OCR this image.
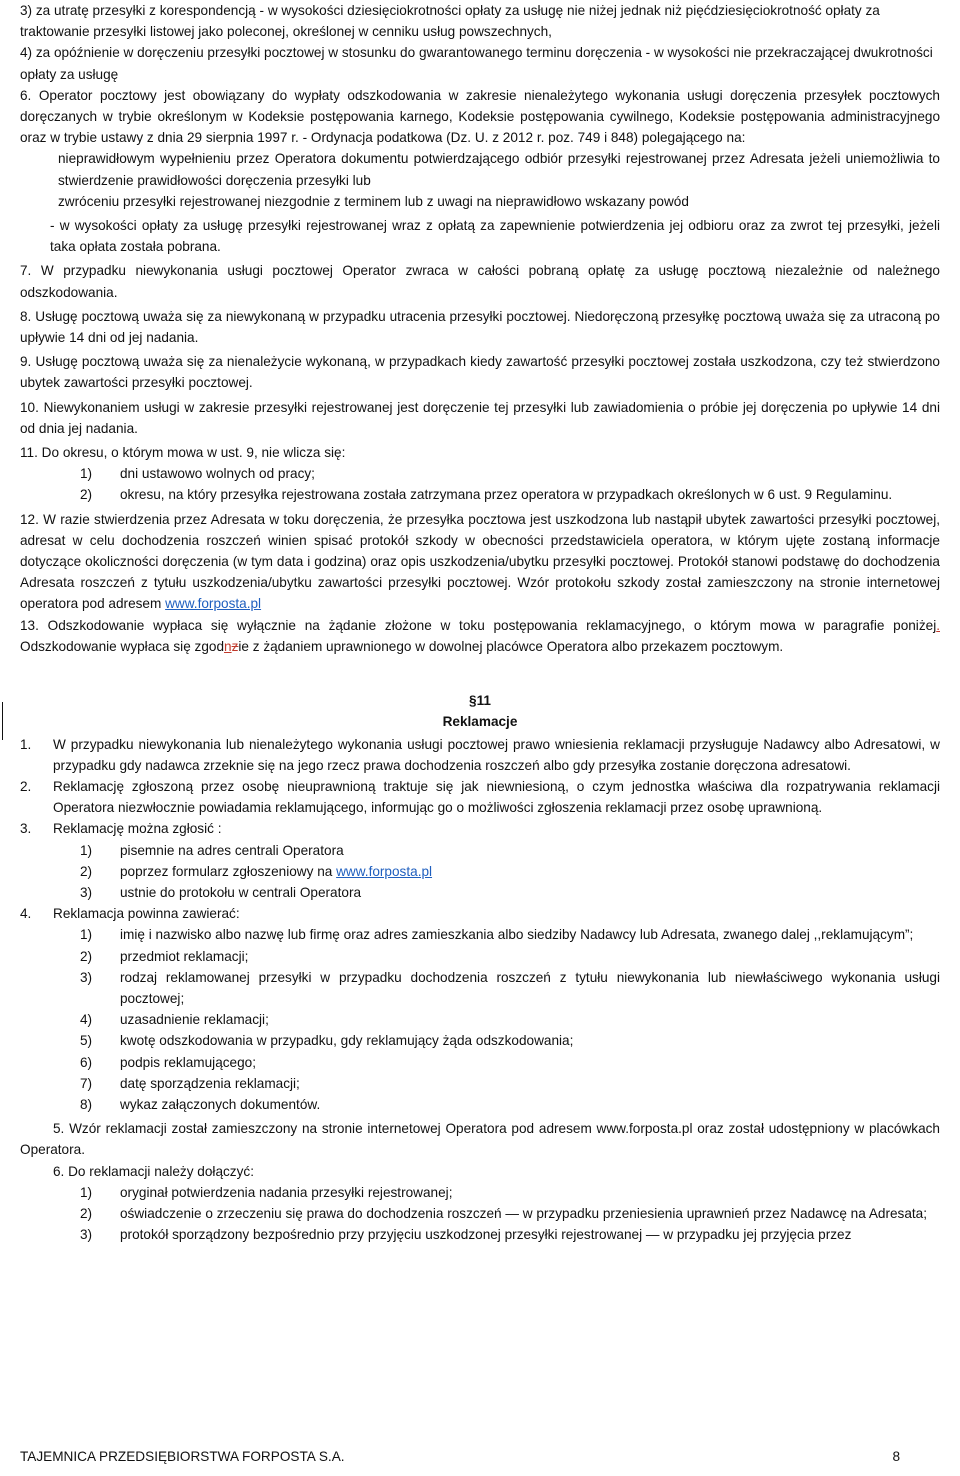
3) za utratę przesyłki z korespondencją - w wysokości dziesięciokrotności opłaty za usługę nie niżej jednak niż pięćdziesięciokrotność opłaty za traktowanie przesyłki listowej jako poleconej, określonej w cenniku usług powszechnych,

4) za opóźnienie w doręczeniu przesyłki pocztowej w stosunku do gwarantowanego terminu doręczenia - w wysokości nie przekraczającej dwukrotności opłaty za usługę

6. Operator pocztowy jest obowiązany do wypłaty odszkodowania w zakresie nienależytego wykonania usługi doręczenia przesyłek pocztowych doręczanych w trybie określonym w Kodeksie postępowania karnego, Kodeksie postępowania cywilnego, Kodeksie postępowania administracyjnego oraz w trybie ustawy z dnia 29 sierpnia 1997 r. - Ordynacja podatkowa (Dz. U. z 2012 r. poz. 749 i 848) polegającego na:

nieprawidłowym wypełnieniu przez Operatora dokumentu potwierdzającego odbiór przesyłki rejestrowanej przez Adresata jeżeli uniemożliwia to stwierdzenie prawidłowości doręczenia przesyłki lub

zwróceniu przesyłki rejestrowanej niezgodnie z terminem lub z uwagi na nieprawidłowo wskazany powód

- w wysokości opłaty za usługę przesyłki rejestrowanej wraz z opłatą za zapewnienie potwierdzenia jej odbioru oraz za zwrot tej przesyłki, jeżeli taka opłata została pobrana.

7. W przypadku niewykonania usługi pocztowej Operator zwraca w całości pobraną opłatę za usługę pocztową niezależnie od należnego odszkodowania.

8. Usługę pocztową uważa się za niewykonaną w przypadku utracenia przesyłki pocztowej. Niedoręczoną przesyłkę pocztową uważa się za utraconą po upływie 14 dni od jej nadania.

9. Usługę pocztową uważa się za nienależycie wykonaną, w przypadkach kiedy zawartość przesyłki pocztowej została uszkodzona, czy też stwierdzono ubytek zawartości przesyłki pocztowej.

10. Niewykonaniem usługi w zakresie przesyłki rejestrowanej jest doręczenie tej przesyłki lub zawiadomienia o próbie jej doręczenia po upływie 14 dni od dnia jej nadania.

11. Do okresu, o którym mowa w ust. 9, nie wlicza się:

1) dni ustawowo wolnych od pracy;

2) okresu, na który przesyłka rejestrowana została zatrzymana przez operatora w przypadkach określonych w 6 ust. 9 Regulaminu.

12. W razie stwierdzenia przez Adresata w toku doręczenia, że przesyłka pocztowa jest uszkodzona lub nastąpił ubytek zawartości przesyłki pocztowej, adresat w celu dochodzenia roszczeń winien spisać protokół szkody w obecności przedstawiciela operatora, w którym ujęte zostaną informacje dotyczące okoliczności doręczenia (w tym data i godzina) oraz opis uszkodzenia/ubytku przesyłki pocztowej. Protokół stanowi podstawę do dochodzenia Adresata roszczeń z tytułu uszkodzenia/ubytku zawartości przesyłki pocztowej. Wzór protokołu szkody został zamieszczony na stronie internetowej operatora pod adresem www.forposta.pl

13. Odszkodowanie wypłaca się wyłącznie na żądanie złożone w toku postępowania reklamacyjnego, o którym mowa w paragrafie poniżej. Odszkodowanie wypłaca się zgodnzie z żądaniem uprawnionego w dowolnej placówce Operatora albo przekazem pocztowym.

§11

Reklamacje

1. W przypadku niewykonania lub nienależytego wykonania usługi pocztowej prawo wniesienia reklamacji przysługuje Nadawcy albo Adresatowi, w przypadku gdy nadawca zrzeknie się na jego rzecz prawa dochodzenia roszczeń albo gdy przesyłka zostanie doręczona adresatowi.

2. Reklamację zgłoszoną przez osobę nieuprawnioną traktuje się jak niewniesioną, o czym jednostka właściwa dla rozpatrywania reklamacji Operatora niezwłocznie powiadamia reklamującego, informując go o możliwości zgłoszenia reklamacji przez osobę uprawnioną.

3. Reklamację można zgłosić :

1) pisemnie na adres centrali Operatora

2) poprzez formularz zgłoszeniowy na www.forposta.pl

3) ustnie do protokołu w centrali Operatora

4. Reklamacja powinna zawierać:

1) imię i nazwisko albo nazwę lub firmę oraz adres zamieszkania albo siedziby Nadawcy lub Adresata, zwanego dalej ,,reklamującym”;

2) przedmiot reklamacji;

3) rodzaj reklamowanej przesyłki w przypadku dochodzenia roszczeń z tytułu niewykonania lub niewłaściwego wykonania usługi pocztowej;

4) uzasadnienie reklamacji;

5) kwotę odszkodowania w przypadku, gdy reklamujący żąda odszkodowania;

6) podpis reklamującego;

7) datę sporządzenia reklamacji;

8) wykaz załączonych dokumentów.

5. Wzór reklamacji został zamieszczony na stronie internetowej Operatora pod adresem www.forposta.pl oraz został udostępniony w placówkach Operatora.

6. Do reklamacji należy dołączyć:

1) oryginał potwierdzenia nadania przesyłki rejestrowanej;

2) oświadczenie o zrzeczeniu się prawa do dochodzenia roszczeń — w przypadku przeniesienia uprawnień przez Nadawcę na Adresata;

3) protokół sporządzony bezpośrednio przy przyjęciu uszkodzonej przesyłki rejestrowanej — w przypadku jej przyjęcia przez

TAJEMNICA PRZEDSIĘBIORSTWA FORPOSTA S.A.	8
